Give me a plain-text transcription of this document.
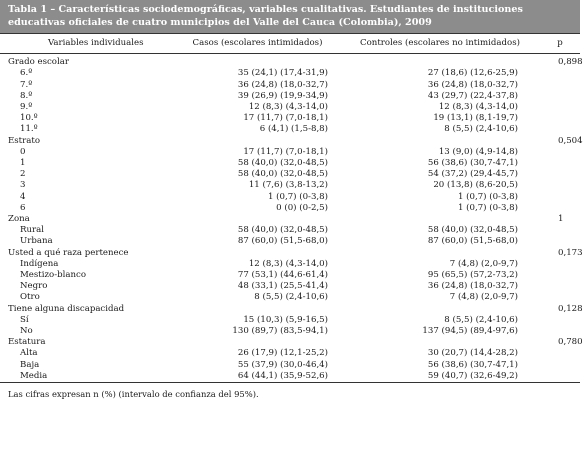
Tabla 1 – Características sociodemográficas, variables cualitativas. Estudiantes de instituciones educativas oficiales de cuatro municipios del Valle del Cauca (Colombia), 2009
Variables individuales	Casos (escolares intimidados)	Controles (escolares no intimidados)	p
Grado escolar			0,898
6.º	35 (24,1) (17,4-31,9)	27 (18,6) (12,6-25,9)	
7.º	36 (24,8) (18,0-32,7)	36 (24,8) (18,0-32,7)	
8.º	39 (26,9) (19,9-34,9)	43 (29,7) (22,4-37,8)	
9.º	12 (8,3) (4,3-14,0)	12 (8,3) (4,3-14,0)	
10.º	17 (11,7) (7,0-18,1)	19 (13,1) (8,1-19,7)	
11.º	6 (4,1) (1,5-8,8)	8 (5,5) (2,4-10,6)	
Estrato			0,504
0	17 (11,7) (7,0-18,1)	13 (9,0) (4,9-14,8)	
1	58 (40,0) (32,0-48,5)	56 (38,6) (30,7-47,1)	
2	58 (40,0) (32,0-48,5)	54 (37,2) (29,4-45,7)	
3	11 (7,6) (3,8-13,2)	20 (13,8) (8,6-20,5)	
4	1 (0,7) (0-3,8)	1 (0,7) (0-3,8)	
6	0 (0) (0-2,5)	1 (0,7) (0-3,8)	
Zona			1
Rural	58 (40,0) (32,0-48,5)	58 (40,0) (32,0-48,5)	
Urbana	87 (60,0) (51,5-68,0)	87 (60,0) (51,5-68,0)	
Usted a qué raza pertenece			0,173
Indígena	12 (8,3) (4,3-14,0)	7 (4,8) (2,0-9,7)	
Mestizo-blanco	77 (53,1) (44,6-61,4)	95 (65,5) (57,2-73,2)	
Negro	48 (33,1) (25,5-41,4)	36 (24,8) (18,0-32,7)	
Otro	8 (5,5) (2,4-10,6)	7 (4,8) (2,0-9,7)	
Tiene alguna discapacidad			0,128
Sí	15 (10,3) (5,9-16,5)	8 (5,5) (2,4-10,6)	
No	130 (89,7) (83,5-94,1)	137 (94,5) (89,4-97,6)	
Estatura			0,780
Alta	26 (17,9) (12,1-25,2)	30 (20,7) (14,4-28,2)	
Baja	55 (37,9) (30,0-46,4)	56 (38,6) (30,7-47,1)	
Media	64 (44,1) (35,9-52,6)	59 (40,7) (32,6-49,2)	
Las cifras expresan n (%) (intervalo de confianza del 95%).			
